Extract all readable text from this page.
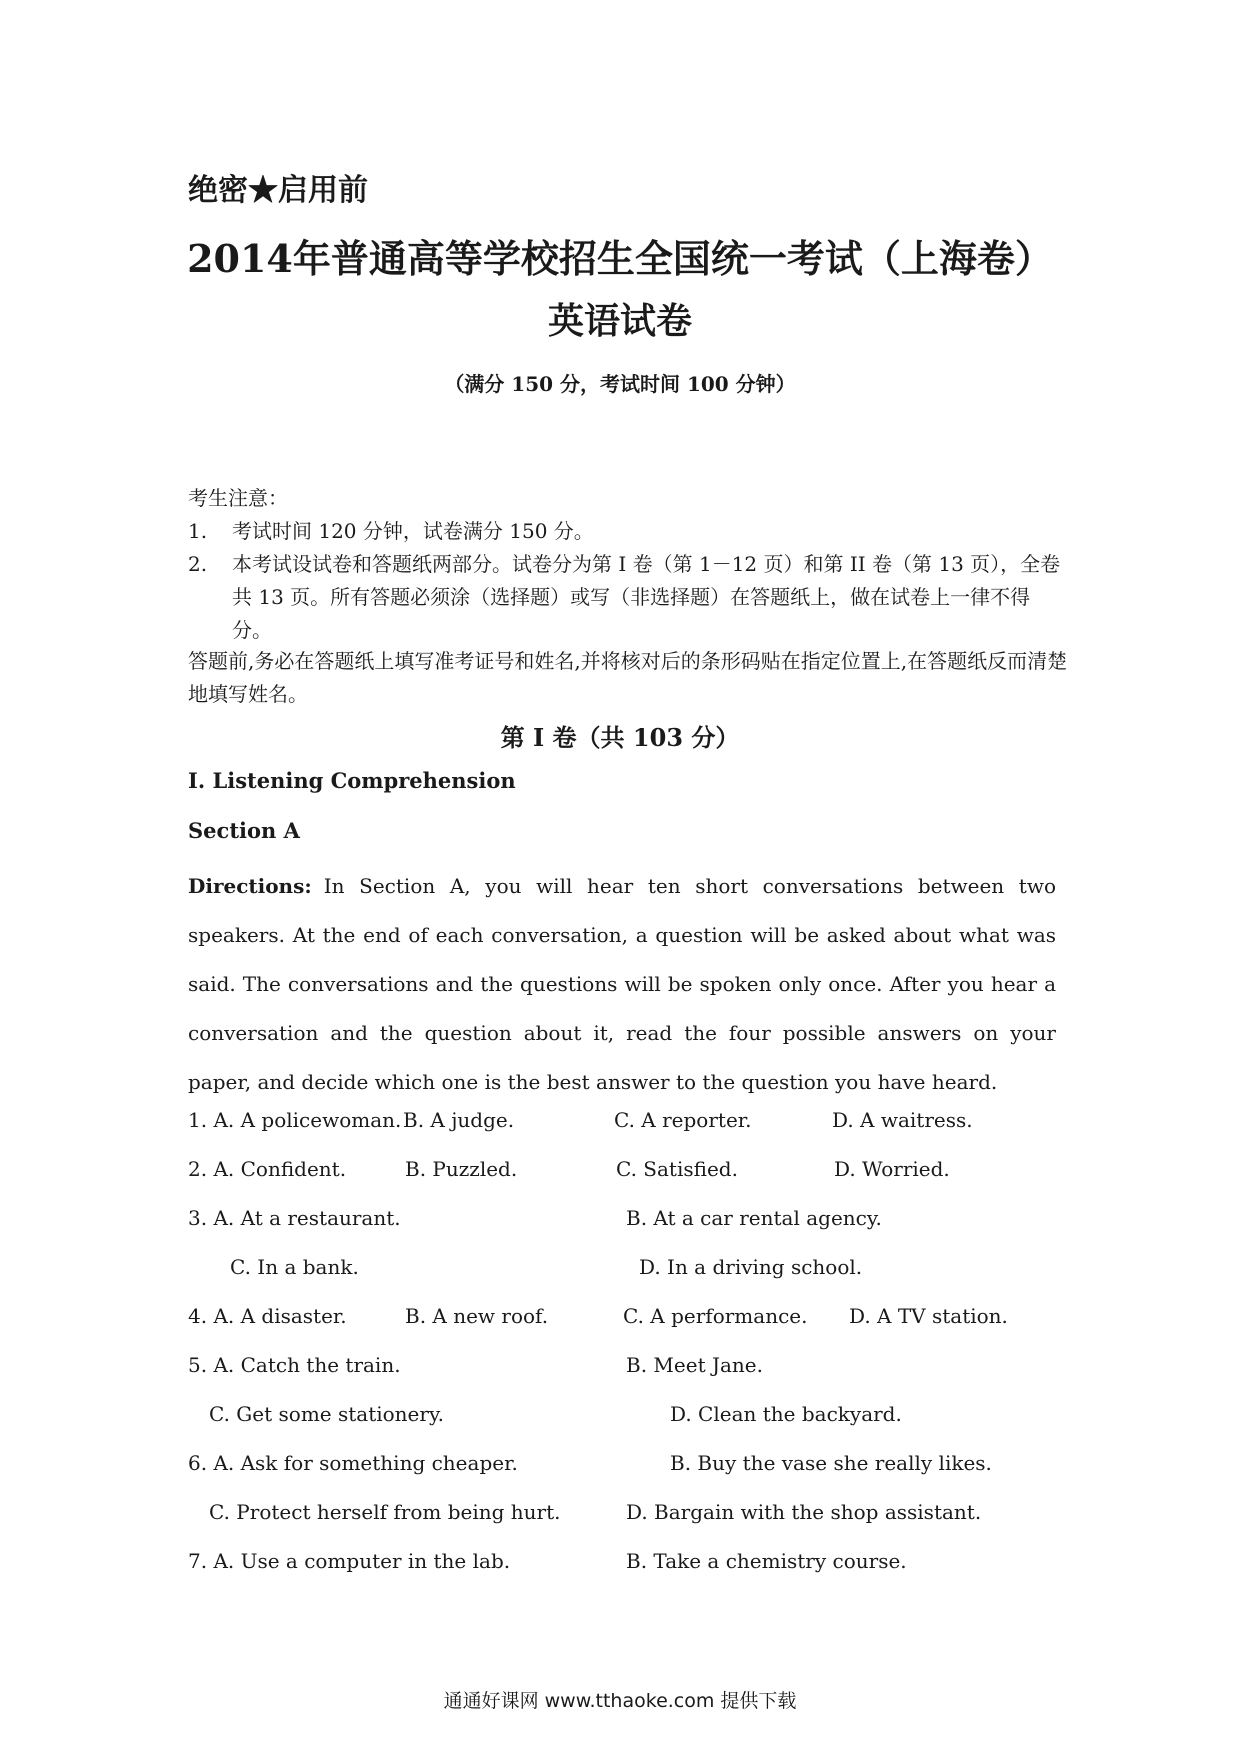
绝密★启用前
2014年普通高等学校招生全国统一考试（上海卷）
英语试卷
（满分 150 分，考试时间 100 分钟）
考生注意：
1. 考试时间 120 分钟，试卷满分 150 分。
2. 本考试设试卷和答题纸两部分。试卷分为第 I 卷（第 1－12 页）和第 II 卷（第 13 页），全卷共 13 页。所有答题必须涂（选择题）或写（非选择题）在答题纸上，做在试卷上一律不得分。
答题前,务必在答题纸上填写准考证号和姓名,并将核对后的条形码贴在指定位置上,在答题纸反而清楚地填写姓名。
第 I 卷（共 103 分）
I. Listening Comprehension
Section A
Directions: In Section A, you will hear ten short conversations between two speakers. At the end of each conversation, a question will be asked about what was said. The conversations and the questions will be spoken only once. After you hear a conversation and the question about it, read the four possible answers on your paper, and decide which one is the best answer to the question you have heard.
1. A. A policewoman. B. A judge.	C. A reporter.	D. A waitress.
2. A. Confident.	B. Puzzled.	C. Satisfied.	D. Worried.
3. A. At a restaurant.	B. At a car rental agency.
C. In a bank.	D. In a driving school.
4. A. A disaster.	B. A new roof.	C. A performance. D. A TV station.
5. A. Catch the train.	B. Meet Jane.
C. Get some stationery.	D. Clean the backyard.
6. A. Ask for something cheaper.	B. Buy the vase she really likes.
C. Protect herself from being hurt.	D. Bargain with the shop assistant.
7. A. Use a computer in the lab.	B. Take a chemistry course.
通通好课网 www.tthaoke.com 提供下载
